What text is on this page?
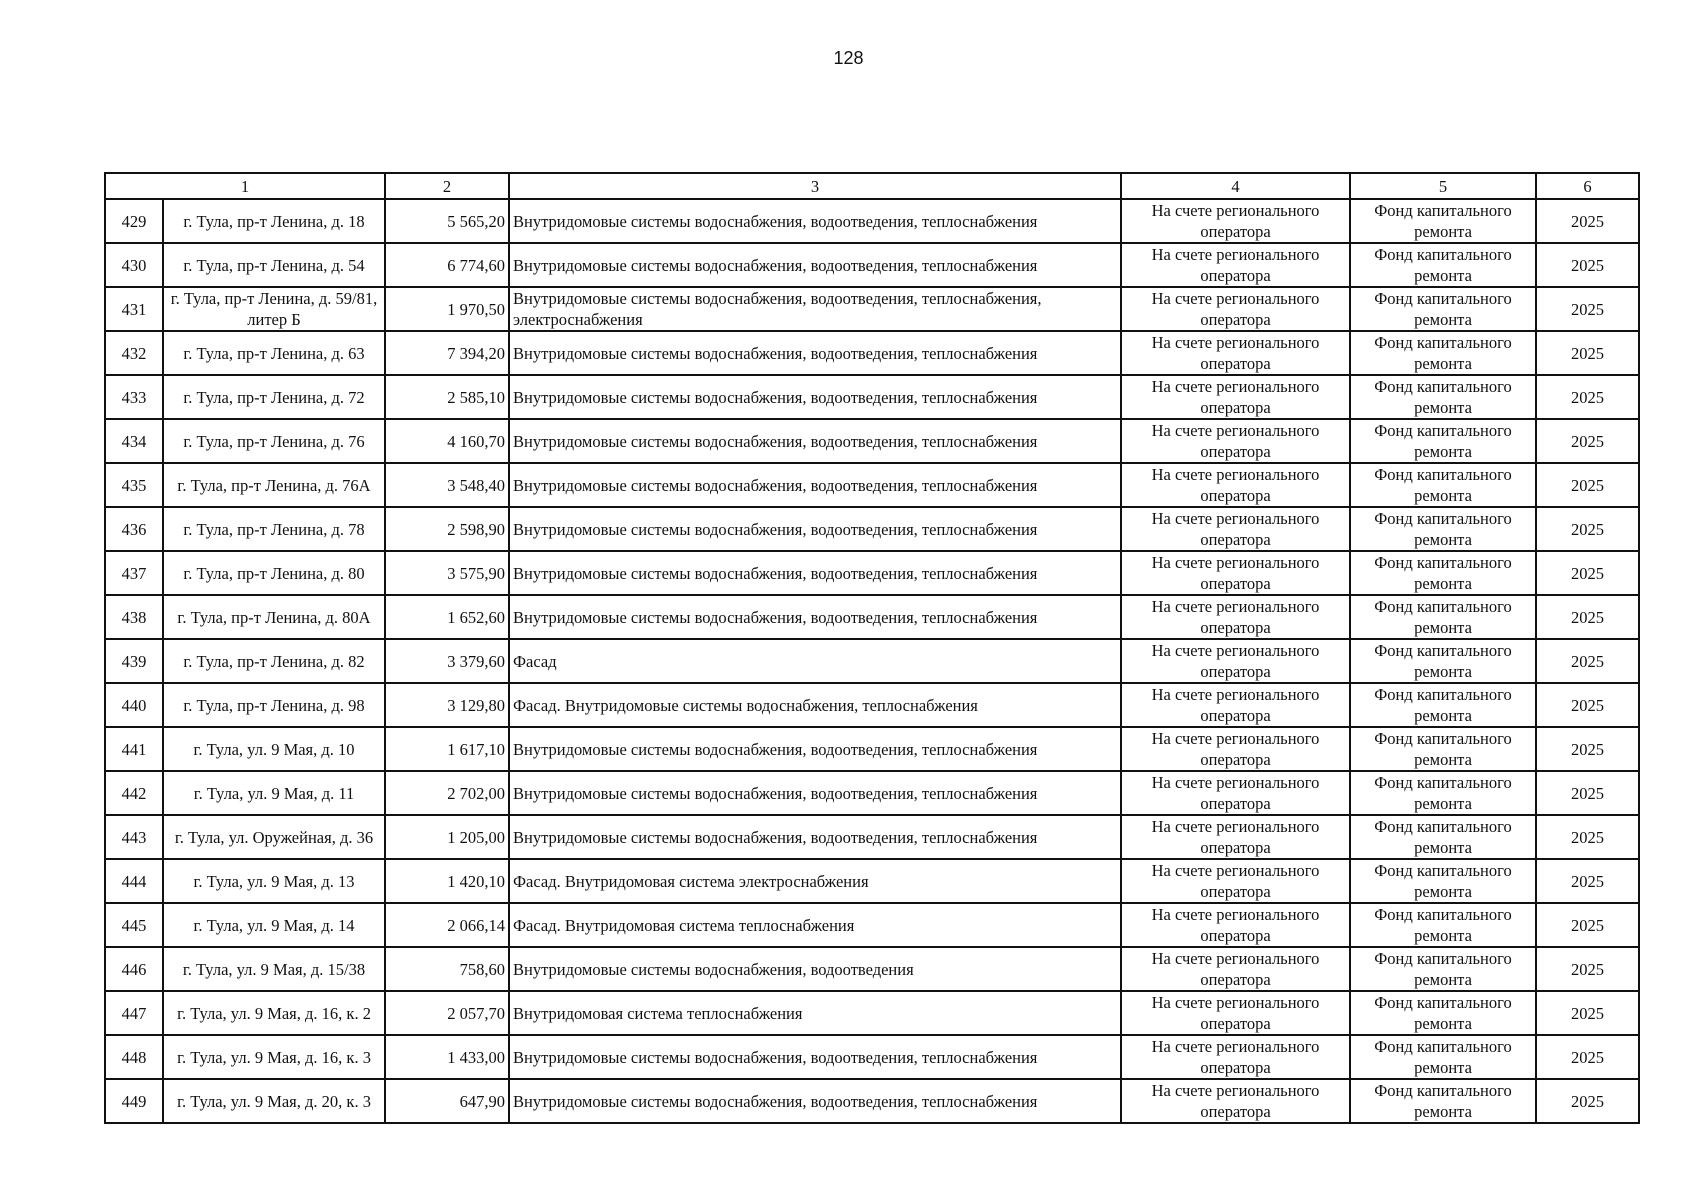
128
1		2	3	4	5	6
429	г. Тула, пр-т Ленина, д. 18	5 565,20	Внутридомовые системы водоснабжения, водоотведения, теплоснабжения	На счете регионального оператора	Фонд капитального ремонта	2025
430	г. Тула, пр-т Ленина, д. 54	6 774,60	Внутридомовые системы водоснабжения, водоотведения, теплоснабжения	На счете регионального оператора	Фонд капитального ремонта	2025
431	г. Тула, пр-т Ленина, д. 59/81, литер Б	1 970,50	Внутридомовые системы водоснабжения, водоотведения, теплоснабжения, электроснабжения	На счете регионального оператора	Фонд капитального ремонта	2025
432	г. Тула, пр-т Ленина, д. 63	7 394,20	Внутридомовые системы водоснабжения, водоотведения, теплоснабжения	На счете регионального оператора	Фонд капитального ремонта	2025
433	г. Тула, пр-т Ленина, д. 72	2 585,10	Внутридомовые системы водоснабжения, водоотведения, теплоснабжения	На счете регионального оператора	Фонд капитального ремонта	2025
434	г. Тула, пр-т Ленина, д. 76	4 160,70	Внутридомовые системы водоснабжения, водоотведения, теплоснабжения	На счете регионального оператора	Фонд капитального ремонта	2025
435	г. Тула, пр-т Ленина, д. 76А	3 548,40	Внутридомовые системы водоснабжения, водоотведения, теплоснабжения	На счете регионального оператора	Фонд капитального ремонта	2025
436	г. Тула, пр-т Ленина, д. 78	2 598,90	Внутридомовые системы водоснабжения, водоотведения, теплоснабжения	На счете регионального оператора	Фонд капитального ремонта	2025
437	г. Тула, пр-т Ленина, д. 80	3 575,90	Внутридомовые системы водоснабжения, водоотведения, теплоснабжения	На счете регионального оператора	Фонд капитального ремонта	2025
438	г. Тула, пр-т Ленина, д. 80А	1 652,60	Внутридомовые системы водоснабжения, водоотведения, теплоснабжения	На счете регионального оператора	Фонд капитального ремонта	2025
439	г. Тула, пр-т Ленина, д. 82	3 379,60	Фасад	На счете регионального оператора	Фонд капитального ремонта	2025
440	г. Тула, пр-т Ленина, д. 98	3 129,80	Фасад. Внутридомовые системы водоснабжения, теплоснабжения	На счете регионального оператора	Фонд капитального ремонта	2025
441	г. Тула, ул. 9 Мая, д. 10	1 617,10	Внутридомовые системы водоснабжения, водоотведения, теплоснабжения	На счете регионального оператора	Фонд капитального ремонта	2025
442	г. Тула, ул. 9 Мая, д. 11	2 702,00	Внутридомовые системы водоснабжения, водоотведения, теплоснабжения	На счете регионального оператора	Фонд капитального ремонта	2025
443	г. Тула, ул. Оружейная, д. 36	1 205,00	Внутридомовые системы водоснабжения, водоотведения, теплоснабжения	На счете регионального оператора	Фонд капитального ремонта	2025
444	г. Тула, ул. 9 Мая, д. 13	1 420,10	Фасад. Внутридомовая система электроснабжения	На счете регионального оператора	Фонд капитального ремонта	2025
445	г. Тула, ул. 9 Мая, д. 14	2 066,14	Фасад. Внутридомовая система теплоснабжения	На счете регионального оператора	Фонд капитального ремонта	2025
446	г. Тула, ул. 9 Мая, д. 15/38	758,60	Внутридомовые системы водоснабжения, водоотведения	На счете регионального оператора	Фонд капитального ремонта	2025
447	г. Тула, ул. 9 Мая, д. 16, к. 2	2 057,70	Внутридомовая система теплоснабжения	На счете регионального оператора	Фонд капитального ремонта	2025
448	г. Тула, ул. 9 Мая, д. 16, к. 3	1 433,00	Внутридомовые системы водоснабжения, водоотведения, теплоснабжения	На счете регионального оператора	Фонд капитального ремонта	2025
449	г. Тула, ул. 9 Мая, д. 20, к. 3	647,90	Внутридомовые системы водоснабжения, водоотведения, теплоснабжения	На счете регионального оператора	Фонд капитального ремонта	2025
